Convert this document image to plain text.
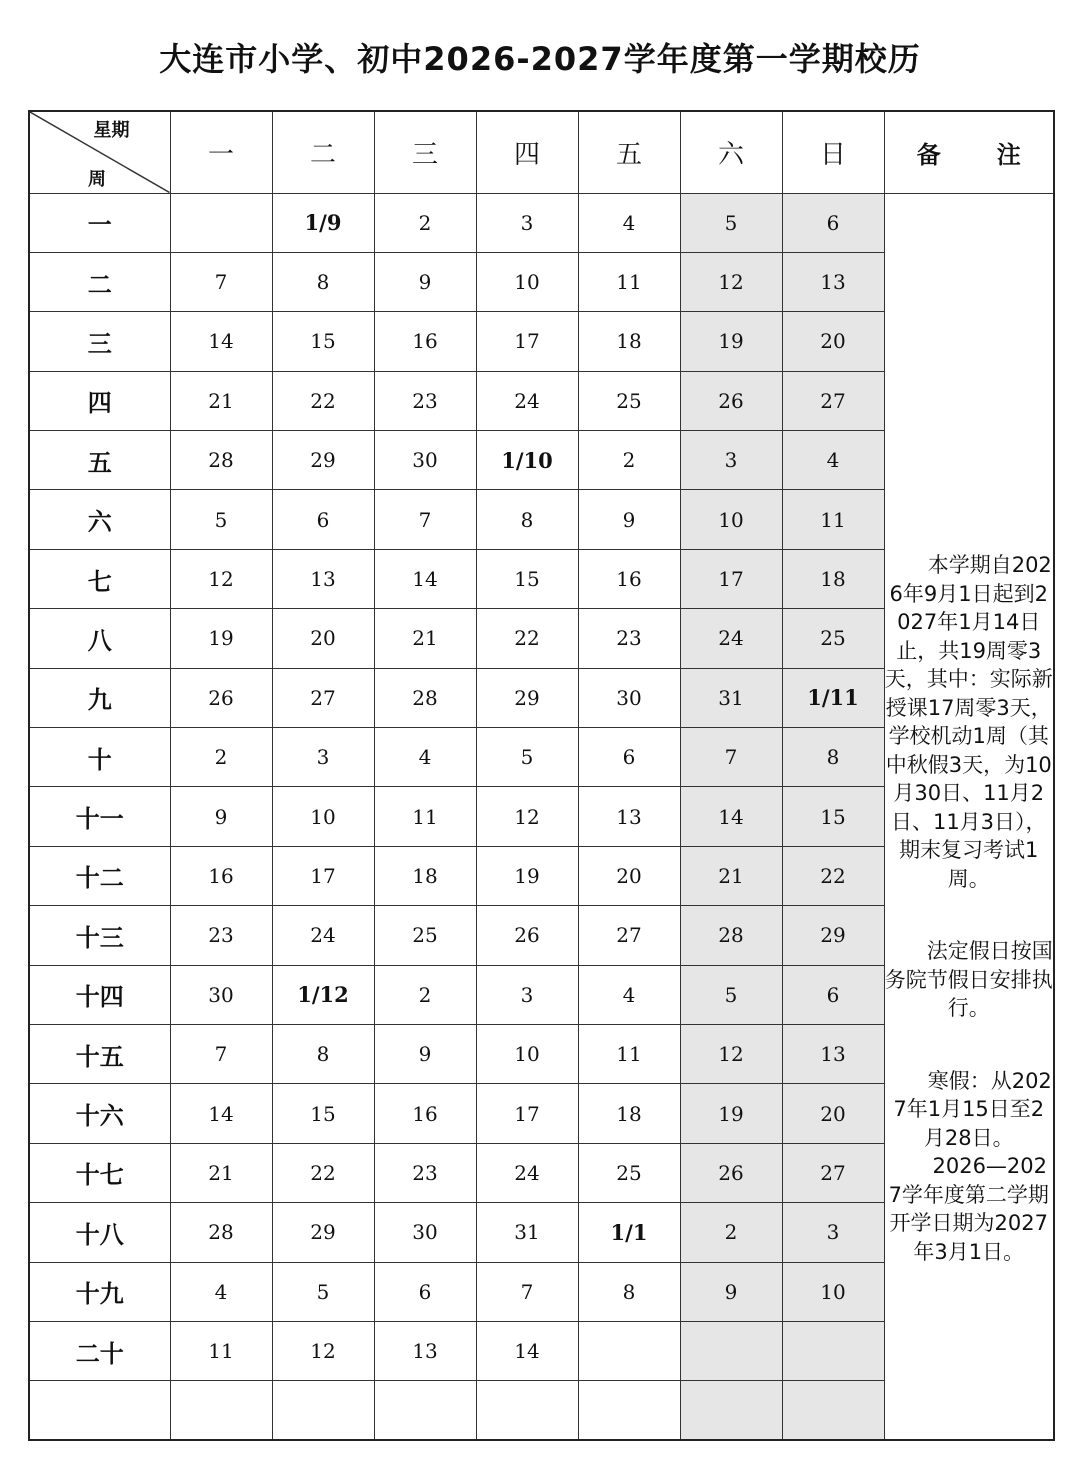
大连市小学、初中2026-2027学年度第一学期校历
星期
周	一	二	三	四	五	六	日	备 注
一		1/9	2	3	4	5	6	本学期自2026年9月1日起到2027年1月14日止，共19周零3天，其中：实际新授课17周零3天，学校机动1周（其中秋假3天，为10月30日、11月2日、11月3日），期末复习考试1周。

法定假日按国务院节假日安排执行。

寒假：从2027年1月15日至2月28日。

2026—2027学年度第二学期开学日期为2027年3月1日。

二	7	8	9	10	11	12	13	
三	14	15	16	17	18	19	20	
四	21	22	23	24	25	26	27	
五	28	29	30	1/10	2	3	4	
六	5	6	7	8	9	10	11	
七	12	13	14	15	16	17	18	
八	19	20	21	22	23	24	25	
九	26	27	28	29	30	31	1/11	
十	2	3	4	5	6	7	8	
十一	9	10	11	12	13	14	15	
十二	16	17	18	19	20	21	22	
十三	23	24	25	26	27	28	29	
十四	30	1/12	2	3	4	5	6	
十五	7	8	9	10	11	12	13	
十六	14	15	16	17	18	19	20	
十七	21	22	23	24	25	26	27	
十八	28	29	30	31	1/1	2	3	
十九	4	5	6	7	8	9	10	
二十	11	12	13	14				
